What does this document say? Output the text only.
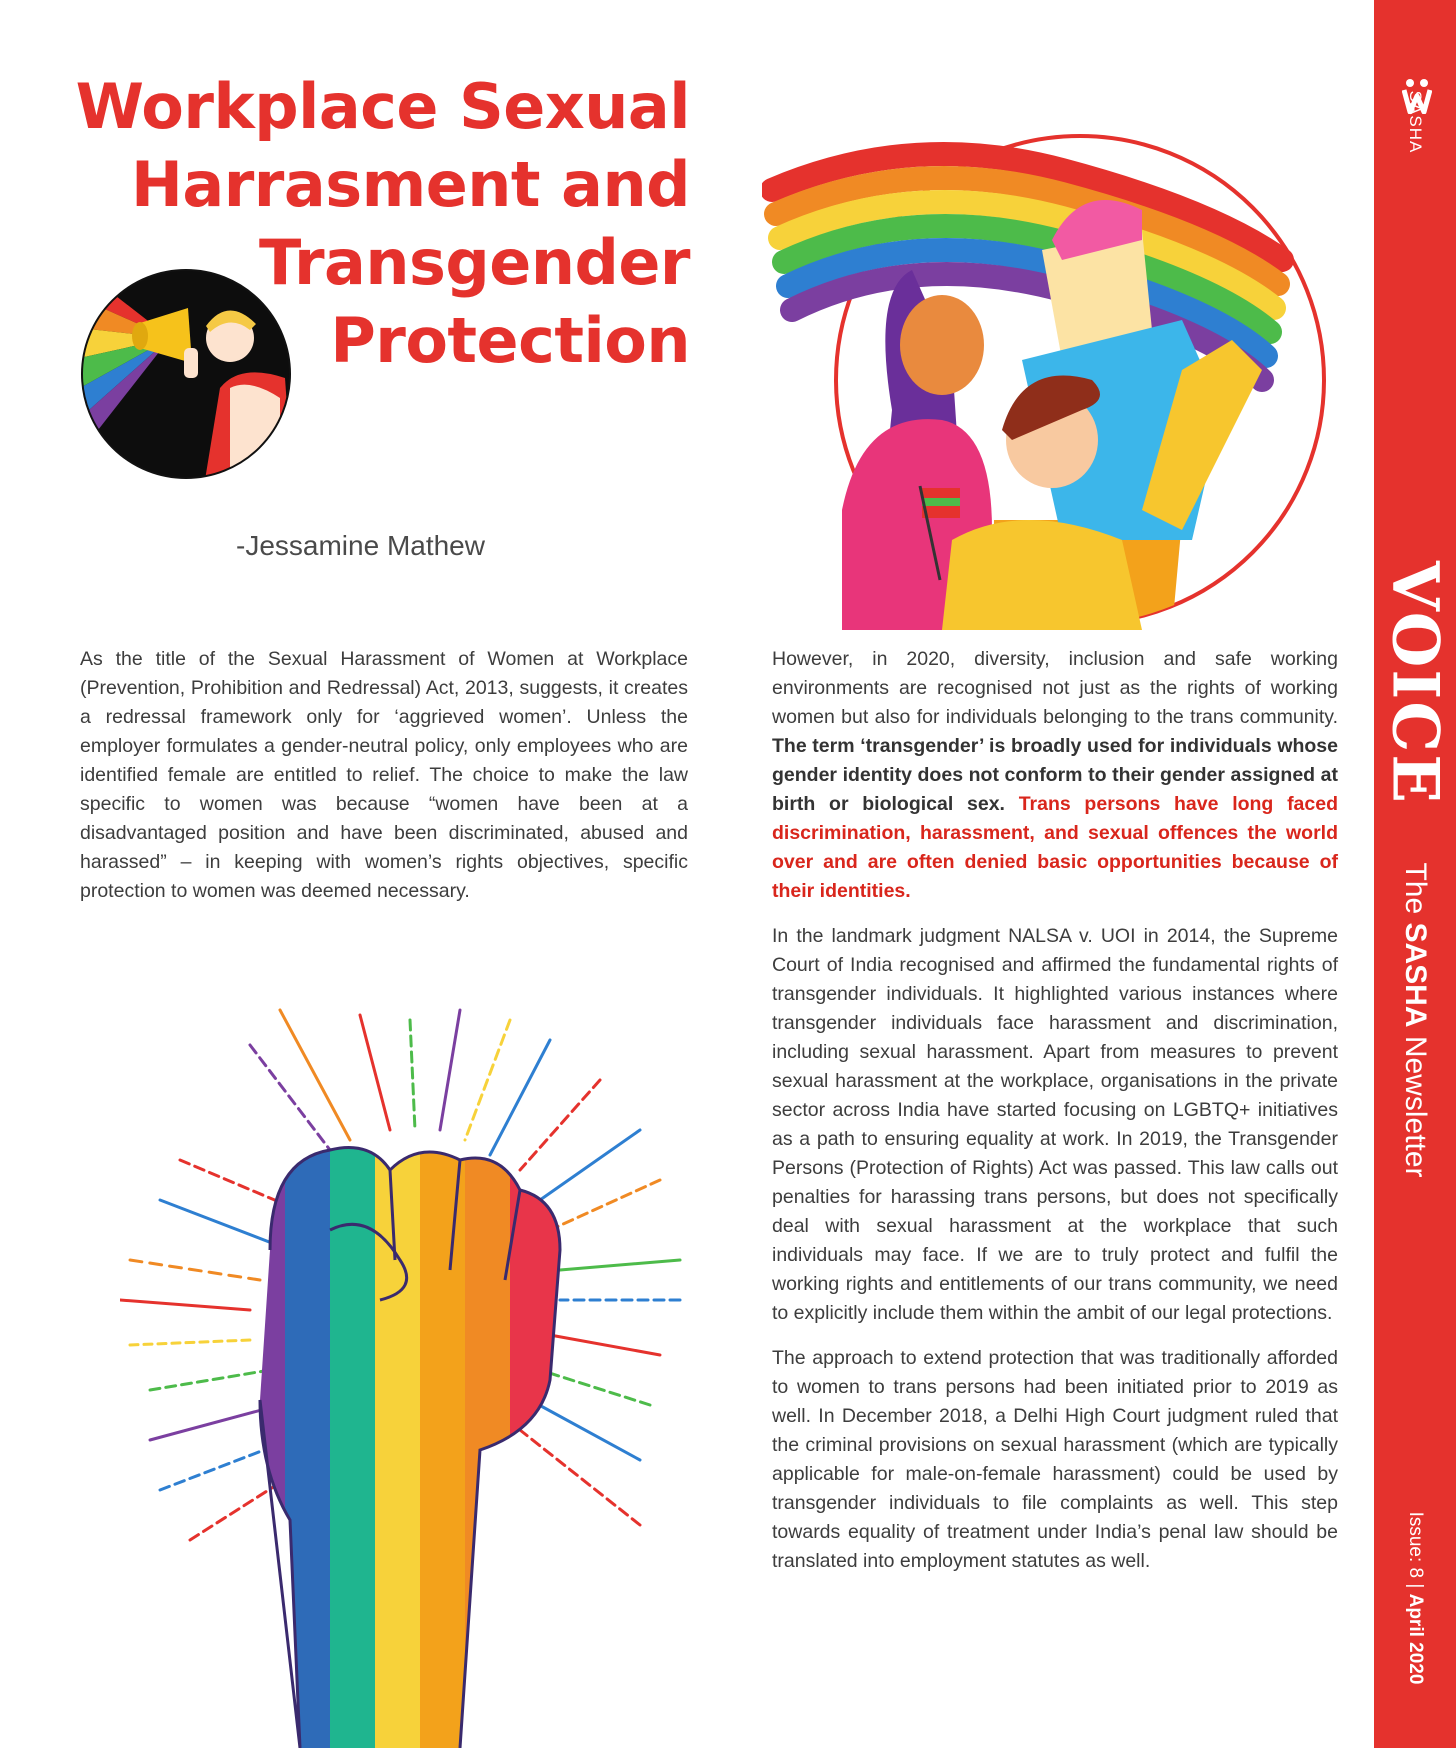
Workplace Sexual
Harrasment and
Transgender
Protection
-Jessamine Mathew

As the title of the Sexual Harassment of Women at Workplace (Prevention, Prohibition and Redressal) Act, 2013, suggests, it creates a redressal framework only for ‘aggrieved women’. Unless the employer formulates a gender-neutral policy, only employees who are identified female are entitled to relief. The choice to make the law specific to women was because “women have been at a disadvantaged position and have been discriminated, abused and harassed” – in keeping with women’s rights objectives, specific protection to women was deemed necessary.

However, in 2020, diversity, inclusion and safe working environments are recognised not just as the rights of working women but also for individuals belonging to the trans community. The term ‘transgender’ is broadly used for individuals whose gender identity does not conform to their gender assigned at birth or biological sex. Trans persons have long faced discrimination, harassment, and sexual offences the world over and are often denied basic opportunities because of their identities.

In the landmark judgment NALSA v. UOI in 2014, the Supreme Court of India recognised and affirmed the fundamental rights of transgender individuals. It highlighted various instances where transgender individuals face harassment and discrimination, including sexual harassment. Apart from measures to prevent sexual harassment at the workplace, organisations in the private sector across India have started focusing on LGBTQ+ initiatives as a path to ensuring equality at work. In 2019, the Transgender Persons (Protection of Rights) Act was passed. This law calls out penalties for harassing trans persons, but does not specifically deal with sexual harassment at the workplace that such individuals may face. If we are to truly protect and fulfil the working rights and entitlements of our trans community, we need to explicitly include them within the ambit of our legal protections.

The approach to extend protection that was traditionally afforded to women to trans persons had been initiated prior to 2019 as well. In December 2018, a Delhi High Court judgment ruled that the criminal provisions on sexual harassment (which are typically applicable for male-on-female harassment) could be used by transgender individuals to file complaints as well. This step towards equality of treatment under India’s penal law should be translated into employment statutes as well.

SASHA
VOICE
The SASHA Newsletter
Issue: 8 | April 2020
